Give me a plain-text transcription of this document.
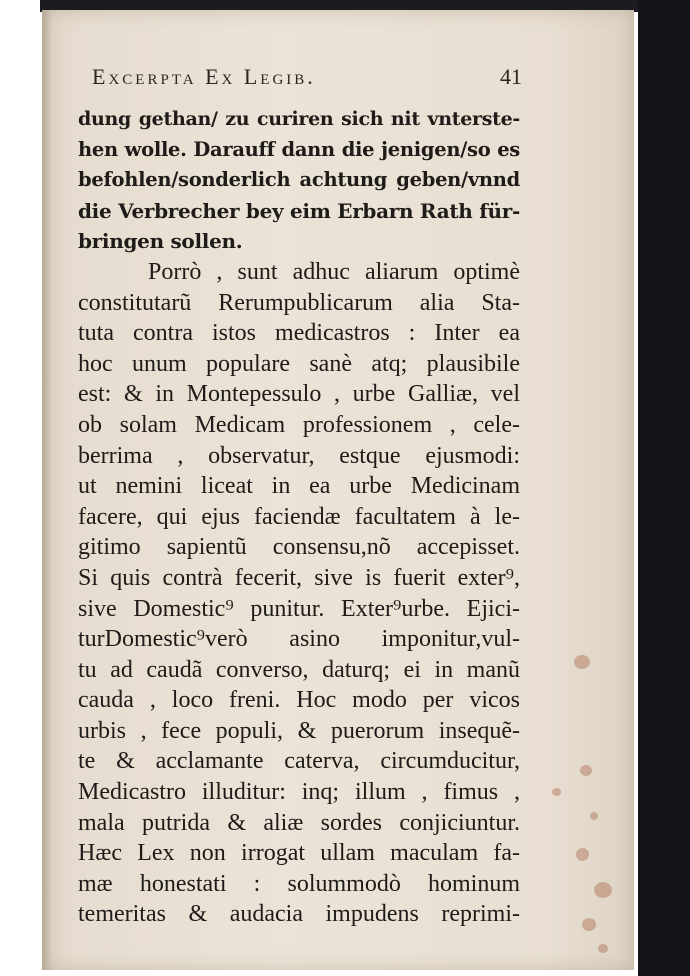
Excerpta Ex Legib.	41
dung gethan/ zu curiren sich nit vnterste-
hen wolle. Darauff dann die jenigen/so es
befohlen/sonderlich achtung geben/vnnd
die Verbrecher bey eim Erbarn Rath für-
bringen sollen.
Porrò , sunt adhuc aliarum optimè
constitutarũ Rerumpublicarum alia Sta-
tuta contra istos medicastros : Inter ea
hoc unum populare sanè atq; plausibile
est: & in Montepessulo , urbe Galliæ, vel
ob solam Medicam professionem , cele-
berrima , observatur, estque ejusmodi:
ut nemini liceat in ea urbe Medicinam
facere, qui ejus faciendæ facultatem à le-
gitimo sapientũ consensu,nõ accepisset.
Si quis contrà fecerit, sive is fuerit exter⁹,
sive Domestic⁹ punitur. Exter⁹urbe. Ejici-
turDomestic⁹verò asino imponitur,vul-
tu ad caudã converso, daturq; ei in manũ
cauda , loco freni. Hoc modo per vicos
urbis , fece populi, & puerorum insequẽ-
te & acclamante caterva, circumducitur,
Medicastro illuditur: inq; illum , fimus ,
mala putrida & aliæ sordes conjiciuntur.
Hæc Lex non irrogat ullam maculam fa-
mæ honestati : solummodò hominum
temeritas & audacia impudens reprimi-
